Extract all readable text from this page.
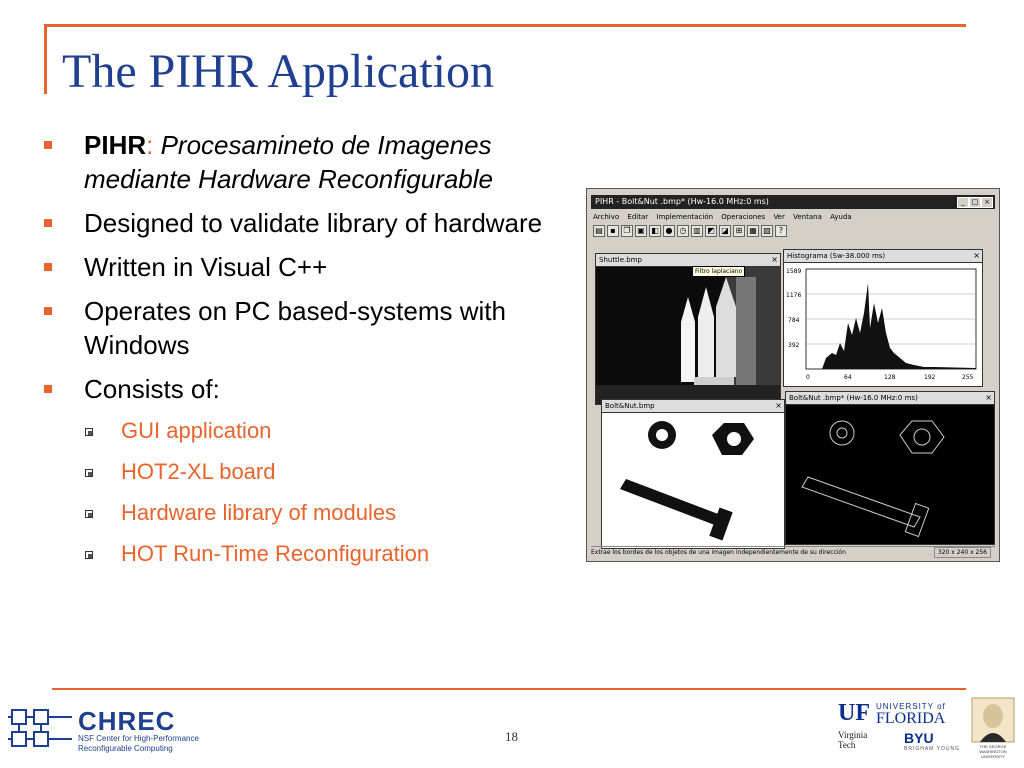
The PIHR Application
PIHR: Procesamineto de Imagenes mediante Hardware Reconfigurable
Designed to validate library of hardware
Written in Visual C++
Operates on PC based-systems with Windows
Consists of:
GUI application
HOT2-XL board
Hardware library of modules
HOT Run-Time Reconfiguration
PIHR - Bolt&Nut .bmp* (Hw-16.0 MHz:0 ms)	_ □ ×
Archivo Editar Implementación Operaciones Ver Ventana Ayuda
▤ ▪ ❐ ▣ ◧ ● ◷ ▥ ◩ ◪ ⊞ ▦ ▧	?
Shuttle.bmp	×
Filtro laplaciano
Histograma (Sw-38.000 ms)	×
1589
1176
784
392
0	64	128	192	255
Bolt&Nut.bmp	×
Bolt&Nut .bmp* (Hw-16.0 MHz:0 ms)	×
Extrae los bordes de los objetos de una imagen independientemente de su dirección	320 x 240 x 256
18
CHREC
NSF Center for High-Performance
Reconfigurable Computing
UF UNIVERSITY of
FLORIDA
Virginia
Tech	BYU
BRIGHAM YOUNG	THE GEORGE
WASHINGTON
UNIVERSITY
